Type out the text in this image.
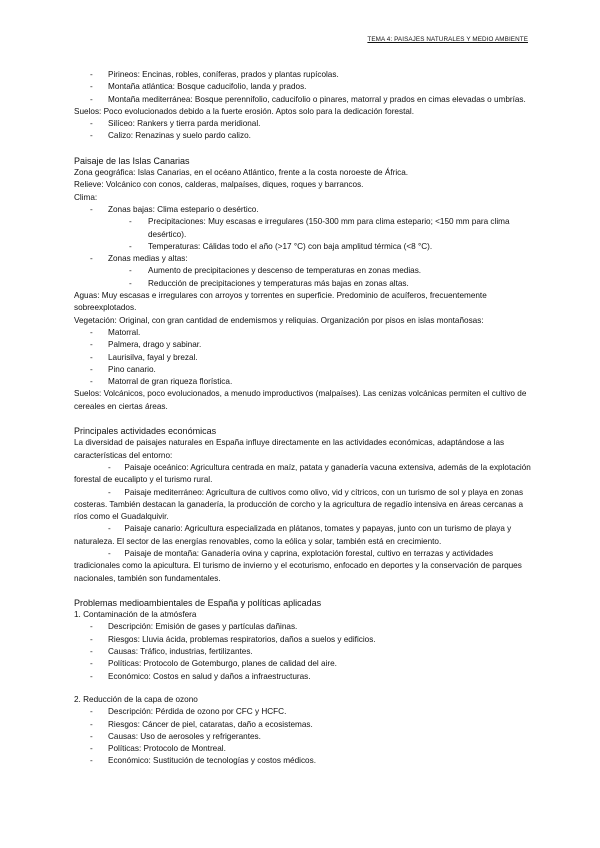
TEMA 4: PAISAJES NATURALES Y MEDIO AMBIENTE
-	Pirineos: Encinas, robles, coníferas, prados y plantas rupícolas.
-	Montaña atlántica: Bosque caducifolio, landa y prados.
-	Montaña mediterránea: Bosque perennifolio, caducifolio o pinares, matorral y prados en cimas elevadas o umbrías.
Suelos: Poco evolucionados debido a la fuerte erosión. Aptos solo para la dedicación forestal.
-	Silíceo: Rankers y tierra parda meridional.
-	Calizo: Renazinas y suelo pardo calizo.
Paisaje de las Islas Canarias
Zona geográfica: Islas Canarias, en el océano Atlántico, frente a la costa noroeste de África.
Relieve: Volcánico con conos, calderas, malpaíses, diques, roques y barrancos.
Clima:
-	Zonas bajas: Clima estepario o desértico.
-	Precipitaciones: Muy escasas e irregulares (150-300 mm para clima estepario; <150 mm para clima desértico).
-	Temperaturas: Cálidas todo el año (>17 °C) con baja amplitud térmica (<8 °C).
-	Zonas medias y altas:
-	Aumento de precipitaciones y descenso de temperaturas en zonas medias.
-	Reducción de precipitaciones y temperaturas más bajas en zonas altas.
Aguas: Muy escasas e irregulares con arroyos y torrentes en superficie. Predominio de acuíferos, frecuentemente sobreexplotados.
Vegetación: Original, con gran cantidad de endemismos y reliquias. Organización por pisos en islas montañosas:
-	Matorral.
-	Palmera, drago y sabinar.
-	Laurisilva, fayal y brezal.
-	Pino canario.
-	Matorral de gran riqueza florística.
Suelos: Volcánicos, poco evolucionados, a menudo improductivos (malpaíses). Las cenizas volcánicas permiten el cultivo de cereales en ciertas áreas.
Principales actividades económicas
La diversidad de paisajes naturales en España influye directamente en las actividades económicas, adaptándose a las características del entorno:
- Paisaje oceánico: Agricultura centrada en maíz, patata y ganadería vacuna extensiva, además de la explotación forestal de eucalipto y el turismo rural.
- Paisaje mediterráneo: Agricultura de cultivos como olivo, vid y cítricos, con un turismo de sol y playa en zonas costeras. También destacan la ganadería, la producción de corcho y la agricultura de regadío intensiva en áreas cercanas a ríos como el Guadalquivir.
- Paisaje canario: Agricultura especializada en plátanos, tomates y papayas, junto con un turismo de playa y naturaleza. El sector de las energías renovables, como la eólica y solar, también está en crecimiento.
- Paisaje de montaña: Ganadería ovina y caprina, explotación forestal, cultivo en terrazas y actividades tradicionales como la apicultura. El turismo de invierno y el ecoturismo, enfocado en deportes y la conservación de parques nacionales, también son fundamentales.
Problemas medioambientales de España y políticas aplicadas
1. Contaminación de la atmósfera
-	Descripción: Emisión de gases y partículas dañinas.
-	Riesgos: Lluvia ácida, problemas respiratorios, daños a suelos y edificios.
-	Causas: Tráfico, industrias, fertilizantes.
-	Políticas: Protocolo de Gotemburgo, planes de calidad del aire.
-	Económico: Costos en salud y daños a infraestructuras.
2. Reducción de la capa de ozono
-	Descripción: Pérdida de ozono por CFC y HCFC.
-	Riesgos: Cáncer de piel, cataratas, daño a ecosistemas.
-	Causas: Uso de aerosoles y refrigerantes.
-	Políticas: Protocolo de Montreal.
-	Económico: Sustitución de tecnologías y costos médicos.
